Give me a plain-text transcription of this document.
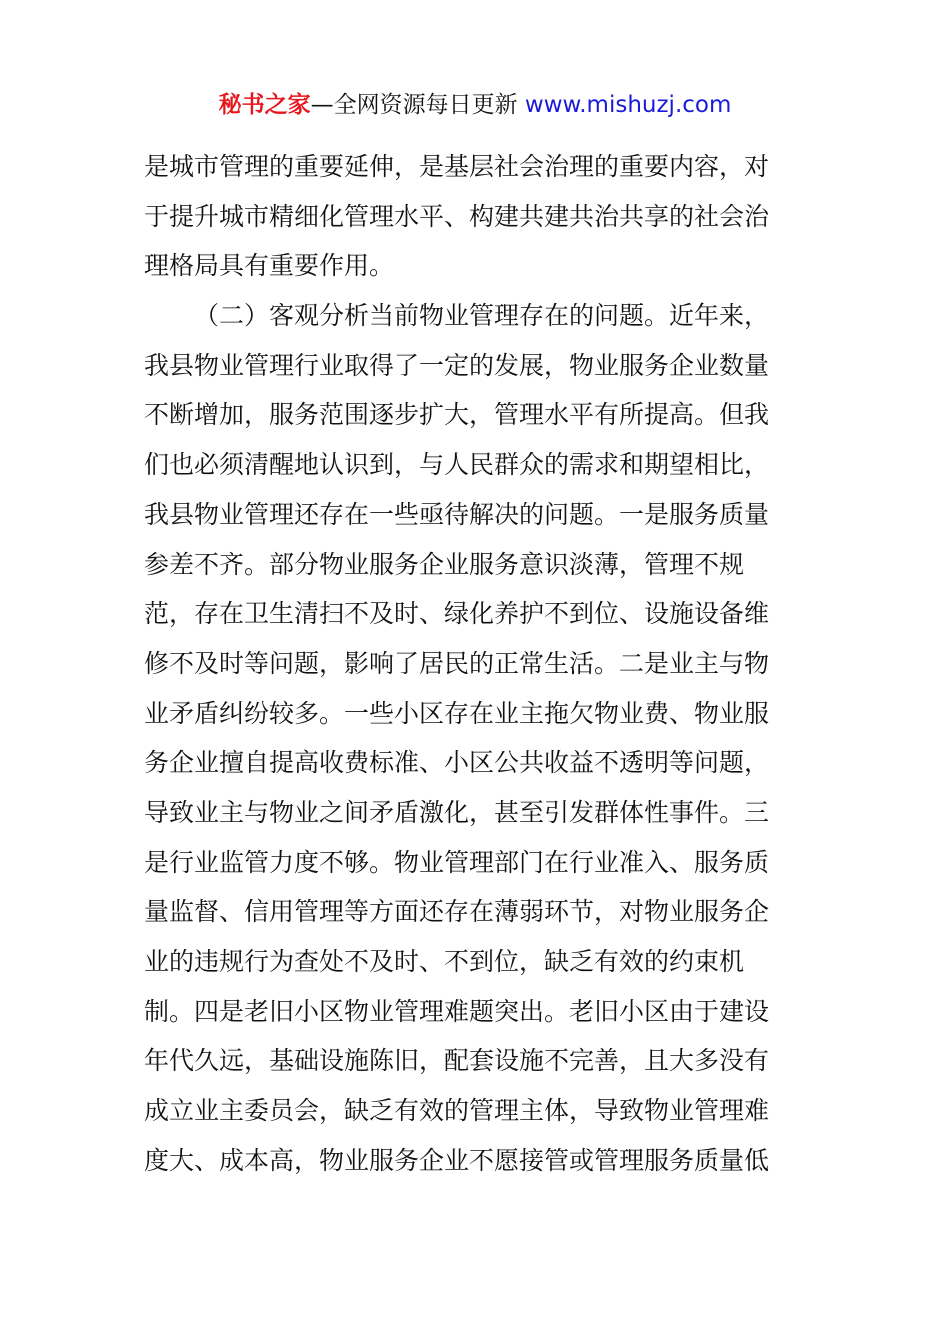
秘书之家—全网资源每日更新 www.mishuzj.com
是城市管理的重要延伸，是基层社会治理的重要内容，对
于提升城市精细化管理水平、构建共建共治共享的社会治
理格局具有重要作用。
（二）客观分析当前物业管理存在的问题。近年来，
我县物业管理行业取得了一定的发展，物业服务企业数量
不断增加，服务范围逐步扩大，管理水平有所提高。但我
们也必须清醒地认识到，与人民群众的需求和期望相比，
我县物业管理还存在一些亟待解决的问题。一是服务质量
参差不齐。部分物业服务企业服务意识淡薄，管理不规
范，存在卫生清扫不及时、绿化养护不到位、设施设备维
修不及时等问题，影响了居民的正常生活。二是业主与物
业矛盾纠纷较多。一些小区存在业主拖欠物业费、物业服
务企业擅自提高收费标准、小区公共收益不透明等问题，
导致业主与物业之间矛盾激化，甚至引发群体性事件。三
是行业监管力度不够。物业管理部门在行业准入、服务质
量监督、信用管理等方面还存在薄弱环节，对物业服务企
业的违规行为查处不及时、不到位，缺乏有效的约束机
制。四是老旧小区物业管理难题突出。老旧小区由于建设
年代久远，基础设施陈旧，配套设施不完善，且大多没有
成立业主委员会，缺乏有效的管理主体，导致物业管理难
度大、成本高，物业服务企业不愿接管或管理服务质量低
